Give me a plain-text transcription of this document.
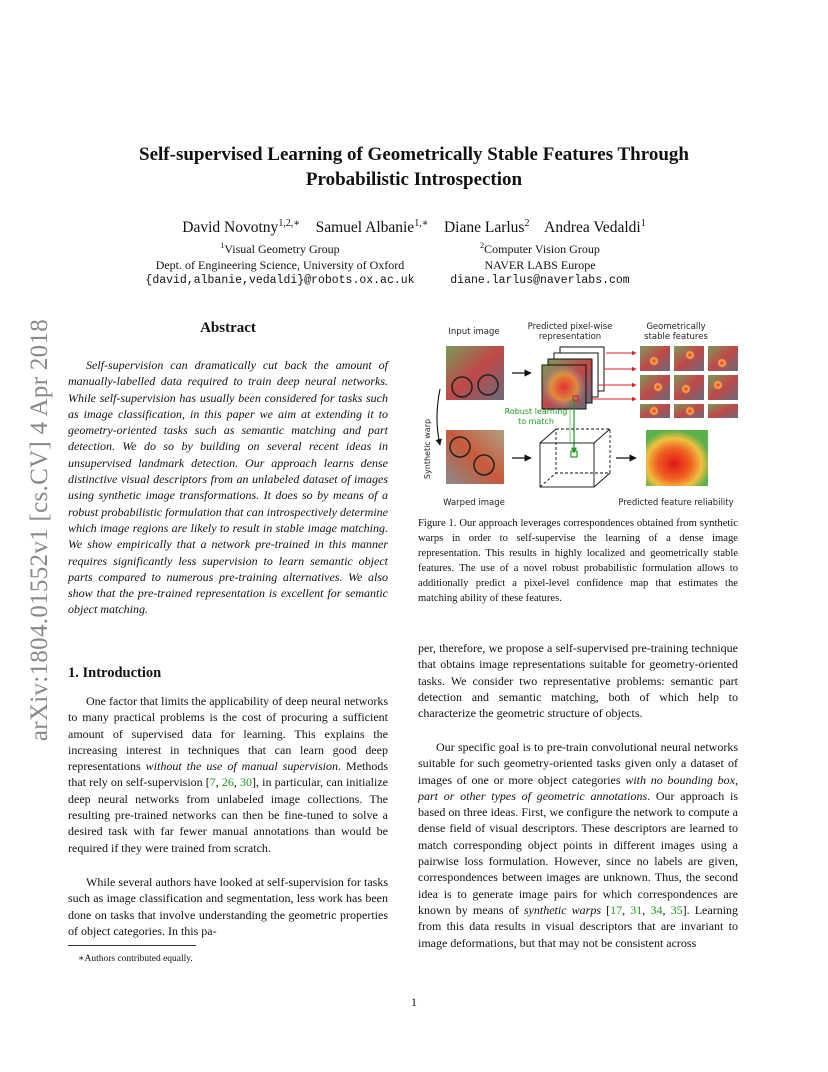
arXiv:1804.01552v1 [cs.CV] 4 Apr 2018
Self-supervised Learning of Geometrically Stable Features Through
Probabilistic Introspection
David Novotny$^{1,2,∗}$ Samuel Albanie$^{1,∗}$ Diane Larlus$^2$ Andrea Vedaldi$^1$
$^1$Visual Geometry Group
Dept. of Engineering Science, University of Oxford
{david,albanie,vedaldi}@robots.ox.ac.uk
$^2$Computer Vision Group
NAVER LABS Europe
diane.larlus@naverlabs.com
Abstract
Self-supervision can dramatically cut back the amount of manually-labelled data required to train deep neural networks. While self-supervision has usually been considered for tasks such as image classification, in this paper we aim at extending it to geometry-oriented tasks such as semantic matching and part detection. We do so by building on several recent ideas in unsupervised landmark detection. Our approach learns dense distinctive visual descriptors from an unlabeled dataset of images using synthetic image transformations. It does so by means of a robust probabilistic formulation that can introspectively determine which image regions are likely to result in stable image matching. We show empirically that a network pre-trained in this manner requires significantly less supervision to learn semantic object parts compared to numerous pre-training alternatives. We also show that the pre-trained representation is excellent for semantic object matching.
1. Introduction

One factor that limits the applicability of deep neural networks to many practical problems is the cost of procuring a sufficient amount of supervised data for learning. This explains the increasing interest in techniques that can learn good deep representations without the use of manual supervision. Methods that rely on self-supervision [7, 26, 30], in particular, can initialize deep neural networks from unlabeled image collections. The resulting pre-trained networks can then be fine-tuned to solve a desired task with far fewer manual annotations than would be required if they were trained from scratch.

While several authors have looked at self-supervision for tasks such as image classification and segmentation, less work has been done on tasks that involve understanding the geometric properties of object categories. In this pa-
∗Authors contributed equally.
Input image	Predicted pixel-wise
representation
Geometrically
stable features
Synthetic warp
Robust learning
to match
Warped image	Predicted feature reliability
Figure 1. Our approach leverages correspondences obtained from synthetic warps in order to self-supervise the learning of a dense image representation. This results in highly localized and geometrically stable features. The use of a novel robust probabilistic formulation allows to additionally predict a pixel-level confidence map that estimates the matching ability of these features.
per, therefore, we propose a self-supervised pre-training technique that obtains image representations suitable for geometry-oriented tasks. We consider two representative problems: semantic part detection and semantic matching, both of which help to characterize the geometric structure of objects.

Our specific goal is to pre-train convolutional neural networks suitable for such geometry-oriented tasks given only a dataset of images of one or more object categories with no bounding box, part or other types of geometric annotations. Our approach is based on three ideas. First, we configure the network to compute a dense field of visual descriptors. These descriptors are learned to match corresponding object points in different images using a pairwise loss formulation. However, since no labels are given, correspondences between images are unknown. Thus, the second idea is to generate image pairs for which correspondences are known by means of synthetic warps [17, 31, 34, 35]. Learning from this data results in visual descriptors that are invariant to image deformations, but that may not be consistent across

1
